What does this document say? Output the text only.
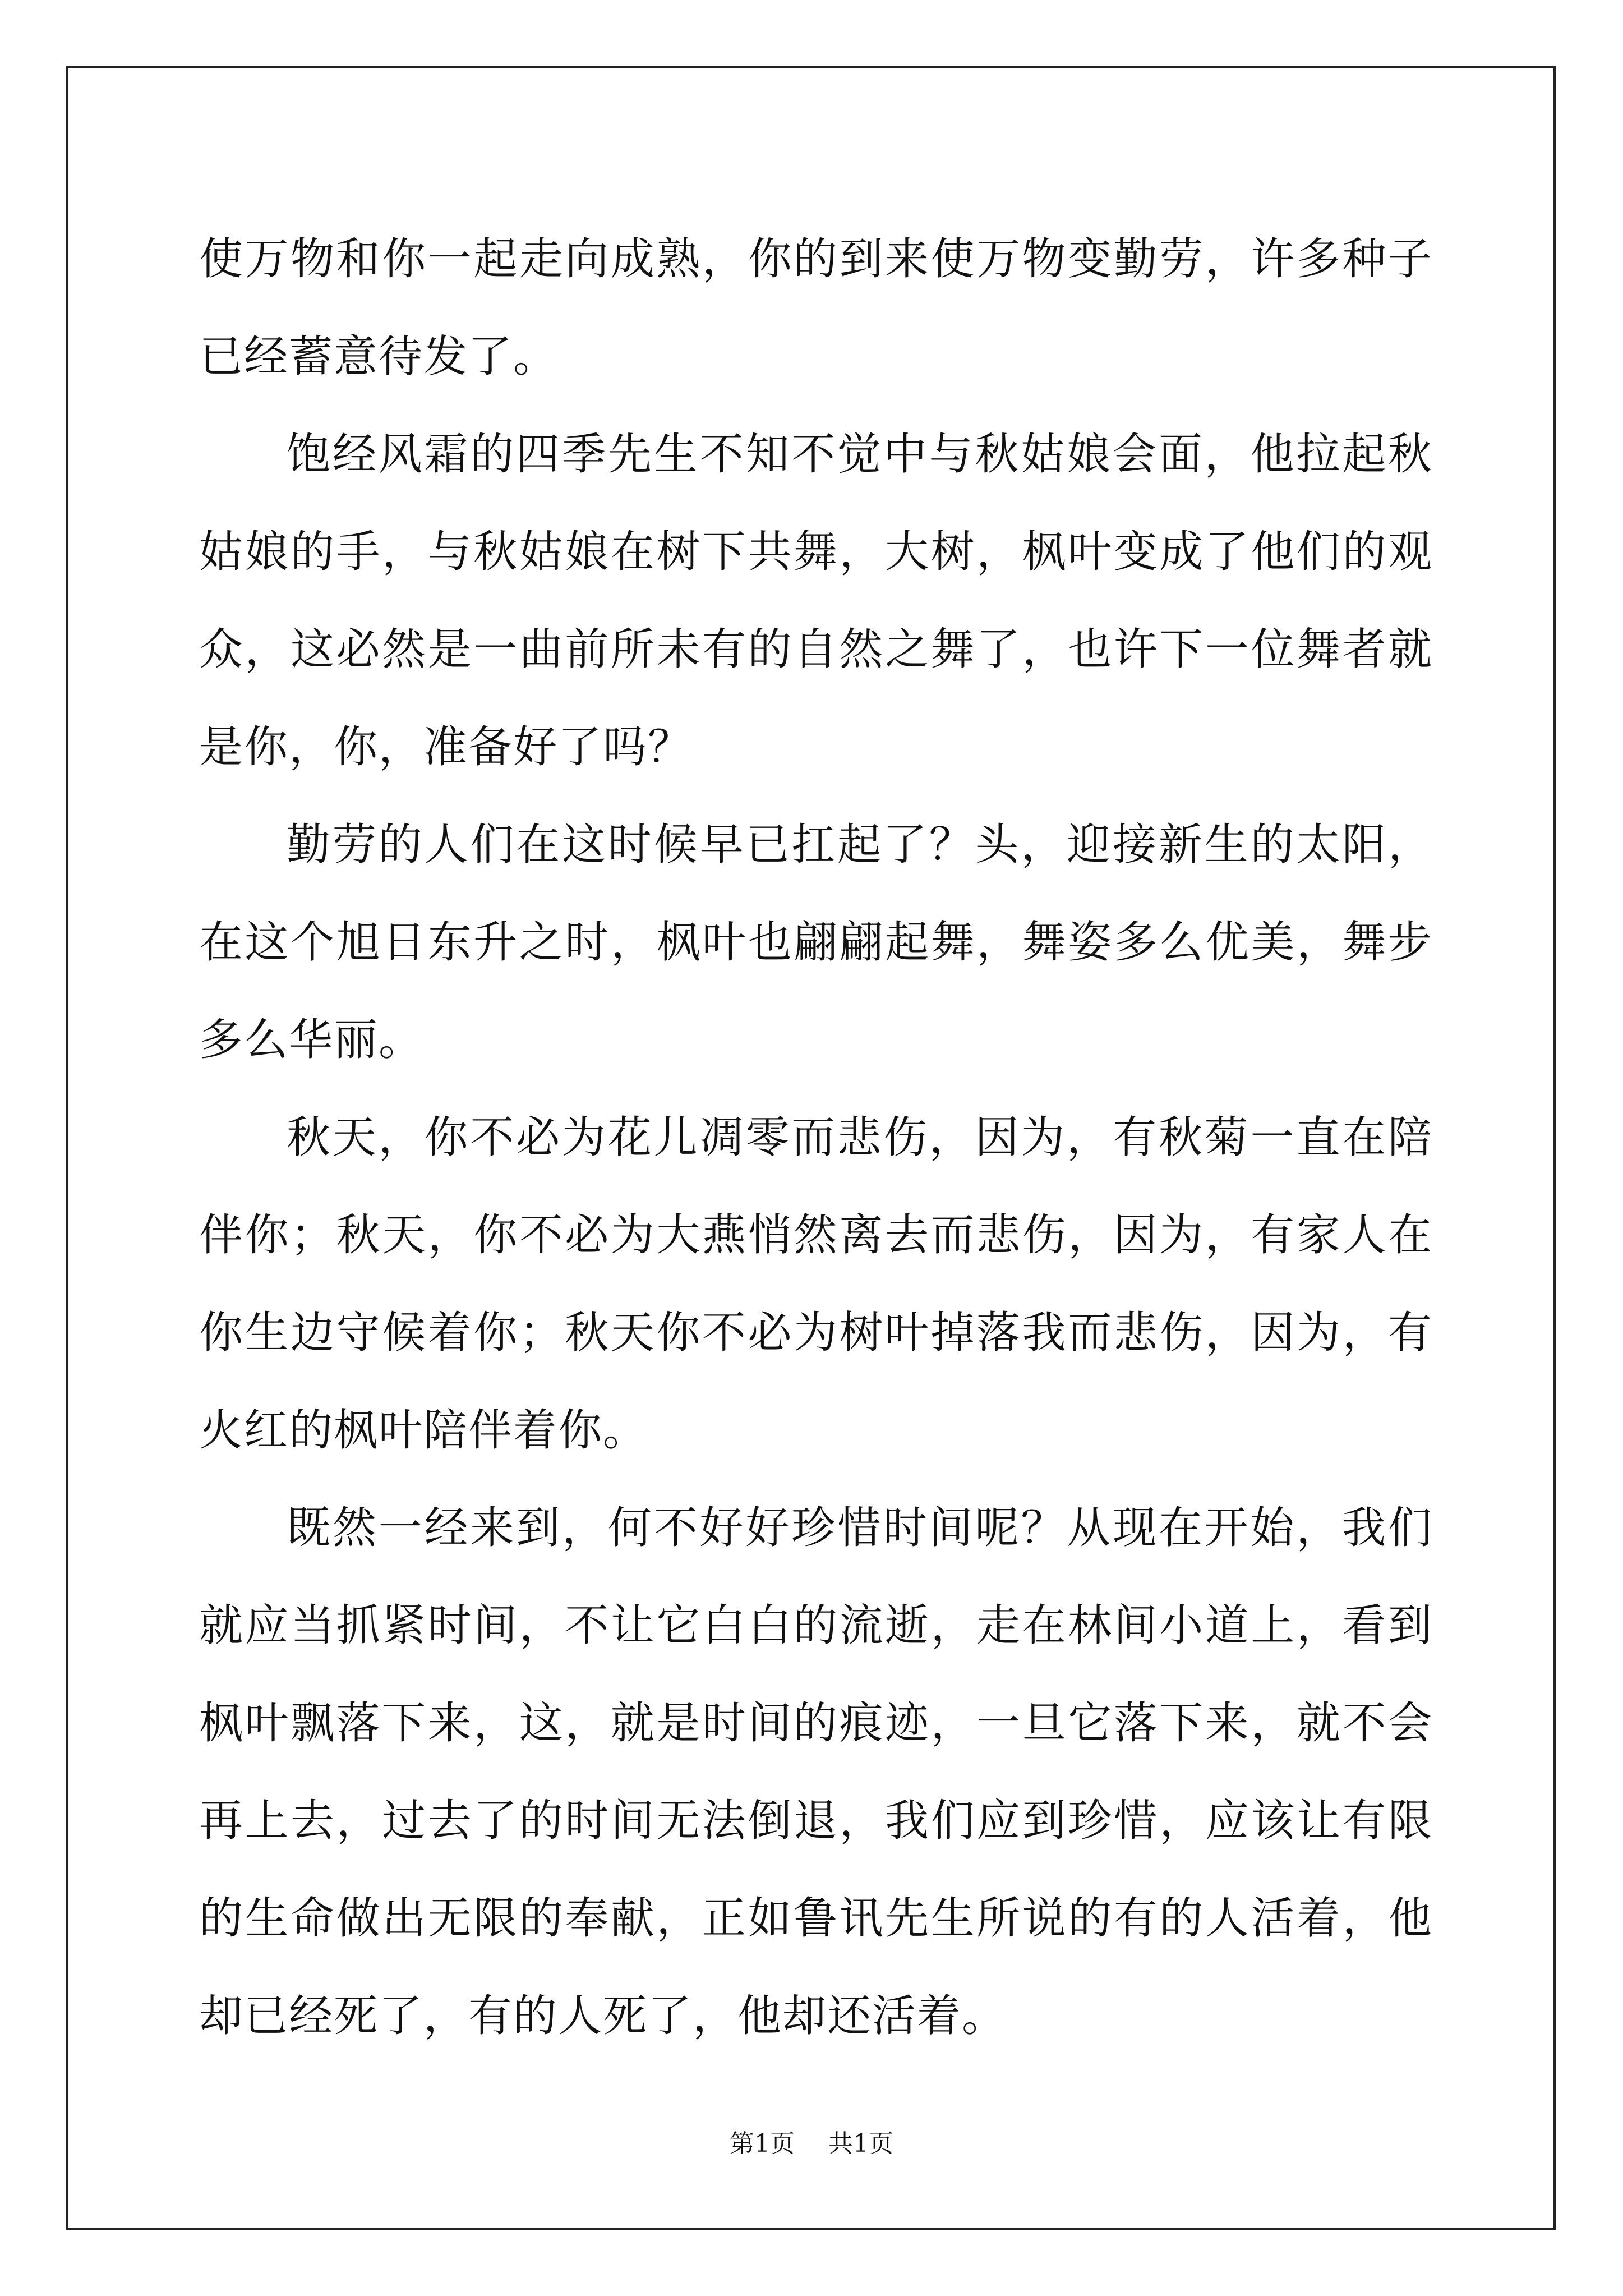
使万物和你一起走向成熟，你的到来使万物变勤劳，许多种子已经蓄意待发了。

饱经风霜的四季先生不知不觉中与秋姑娘会面，他拉起秋姑娘的手，与秋姑娘在树下共舞，大树，枫叶变成了他们的观众，这必然是一曲前所未有的自然之舞了，也许下一位舞者就是你，你，准备好了吗？

勤劳的人们在这时候早已扛起了？头，迎接新生的太阳，在这个旭日东升之时，枫叶也翩翩起舞，舞姿多么优美，舞步多么华丽。

秋天，你不必为花儿凋零而悲伤，因为，有秋菊一直在陪伴你；秋天，你不必为大燕悄然离去而悲伤，因为，有家人在你生边守候着你；秋天你不必为树叶掉落我而悲伤，因为，有火红的枫叶陪伴着你。

既然一经来到，何不好好珍惜时间呢？从现在开始，我们就应当抓紧时间，不让它白白的流逝，走在林间小道上，看到枫叶飘落下来，这，就是时间的痕迹，一旦它落下来，就不会再上去，过去了的时间无法倒退，我们应到珍惜，应该让有限的生命做出无限的奉献，正如鲁讯先生所说的有的人活着，他却已经死了，有的人死了，他却还活着。

第1页 共1页
